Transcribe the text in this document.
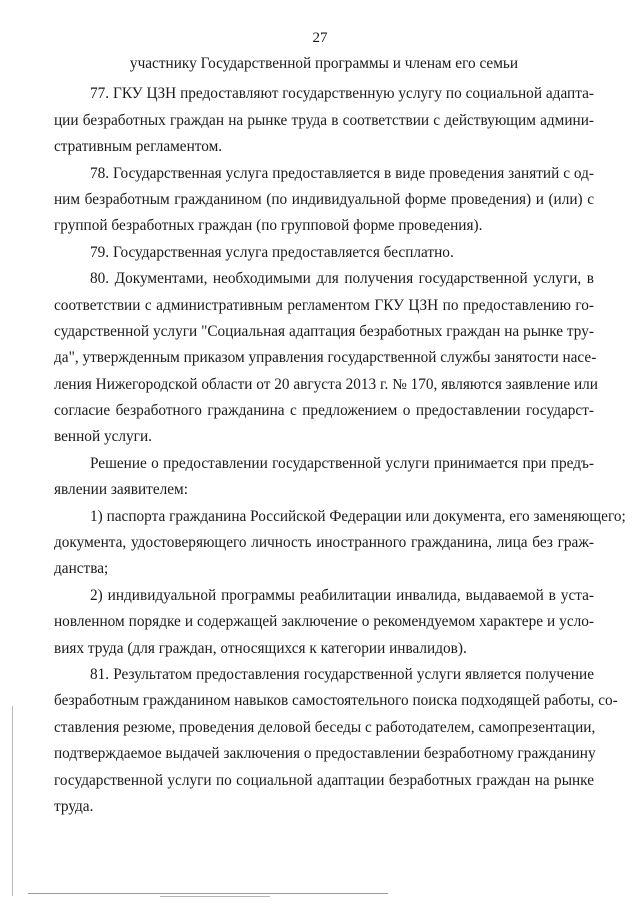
27
участнику Государственной программы и членам его семьи
77. ГКУ ЦЗН предоставляют государственную услугу по социальной адапта-
ции безработных граждан на рынке труда в соответствии с действующим админи-
стративным регламентом.
78. Государственная услуга предоставляется в виде проведения занятий с од-
ним безработным гражданином (по индивидуальной форме проведения) и (или) с
группой безработных граждан (по групповой форме проведения).
79. Государственная услуга предоставляется бесплатно.
80. Документами, необходимыми для получения государственной услуги, в
соответствии с административным регламентом ГКУ ЦЗН по предоставлению го-
сударственной услуги "Социальная адаптация безработных граждан на рынке тру-
да", утвержденным приказом управления государственной службы занятости насе-
ления Нижегородской области от 20 августа 2013 г. № 170, являются заявление или
согласие безработного гражданина с предложением о предоставлении государст-
венной услуги.
Решение о предоставлении государственной услуги принимается при предъ-
явлении заявителем:
1) паспорта гражданина Российской Федерации или документа, его заменяющего;
документа, удостоверяющего личность иностранного гражданина, лица без граж-
данства;
2) индивидуальной программы реабилитации инвалида, выдаваемой в уста-
новленном порядке и содержащей заключение о рекомендуемом характере и усло-
виях труда (для граждан, относящихся к категории инвалидов).
81. Результатом предоставления государственной услуги является получение
безработным гражданином навыков самостоятельного поиска подходящей работы, со-
ставления резюме, проведения деловой беседы с работодателем, самопрезентации,
подтверждаемое выдачей заключения о предоставлении безработному гражданину
государственной услуги по социальной адаптации безработных граждан на рынке
труда.
